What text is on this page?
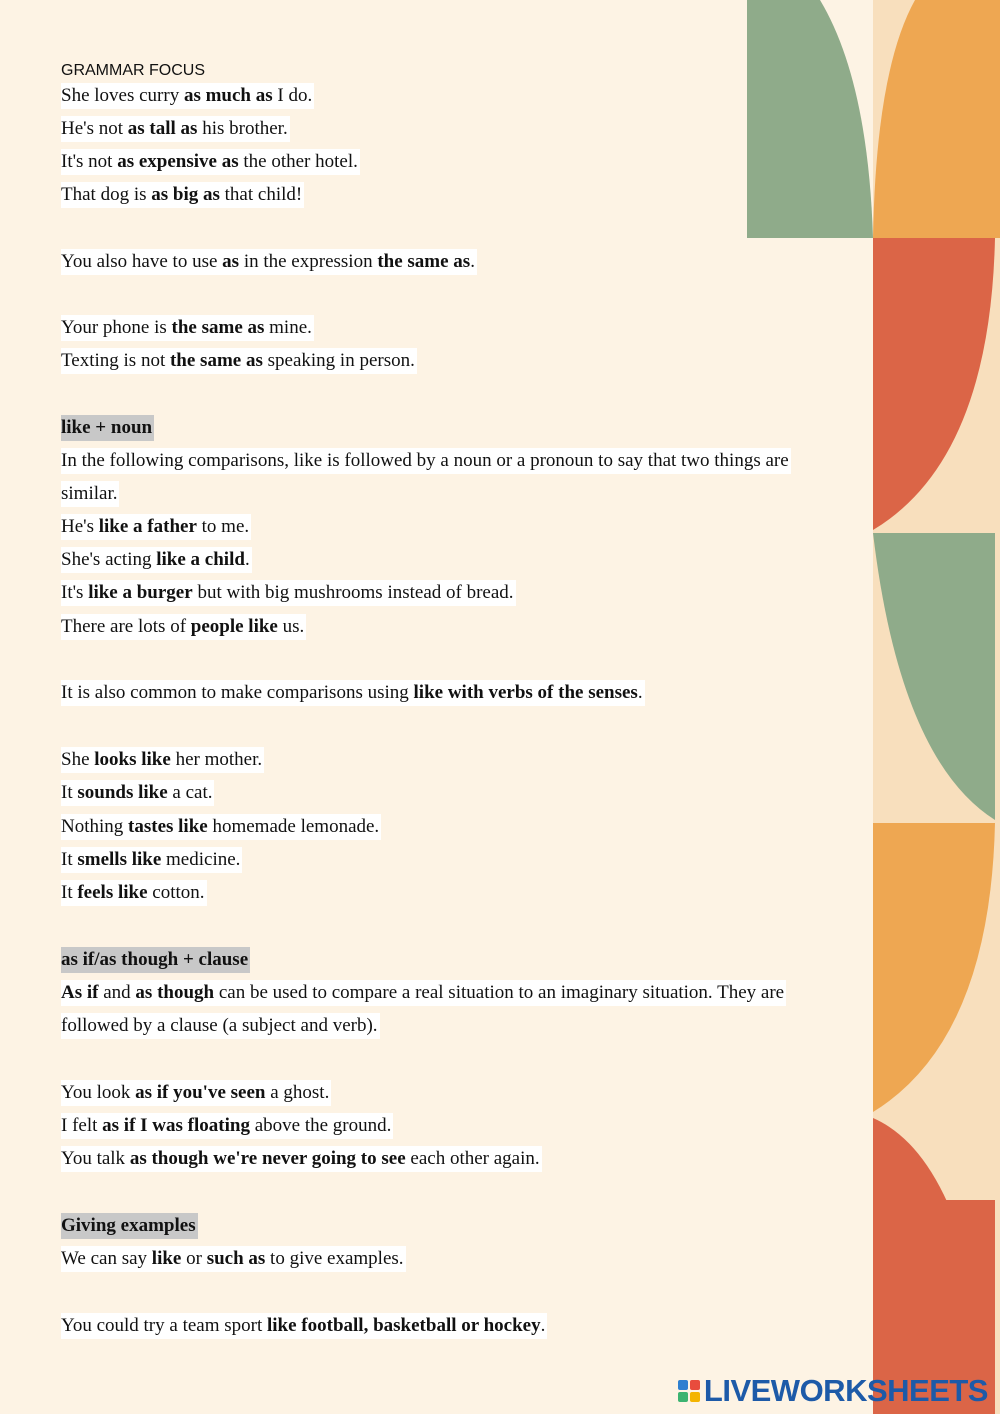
GRAMMAR FOCUS
She loves curry as much as I do.
He's not as tall as his brother.
It's not as expensive as the other hotel.
That dog is as big as that child!
You also have to use as in the expression the same as.
Your phone is the same as mine.
Texting is not the same as speaking in person.
like + noun
In the following comparisons, like is followed by a noun or a pronoun to say that two things are
similar.
He's like a father to me.
She's acting like a child.
It's like a burger but with big mushrooms instead of bread.
There are lots of people like us.
It is also common to make comparisons using like with verbs of the senses.
She looks like her mother.
It sounds like a cat.
Nothing tastes like homemade lemonade.
It smells like medicine.
It feels like cotton.
as if/as though + clause
As if and as though can be used to compare a real situation to an imaginary situation. They are
followed by a clause (a subject and verb).
You look as if you've seen a ghost.
I felt as if I was floating above the ground.
You talk as though we're never going to see each other again.
Giving examples
We can say like or such as to give examples.
You could try a team sport like football, basketball or hockey.
LIVEWORKSHEETS
